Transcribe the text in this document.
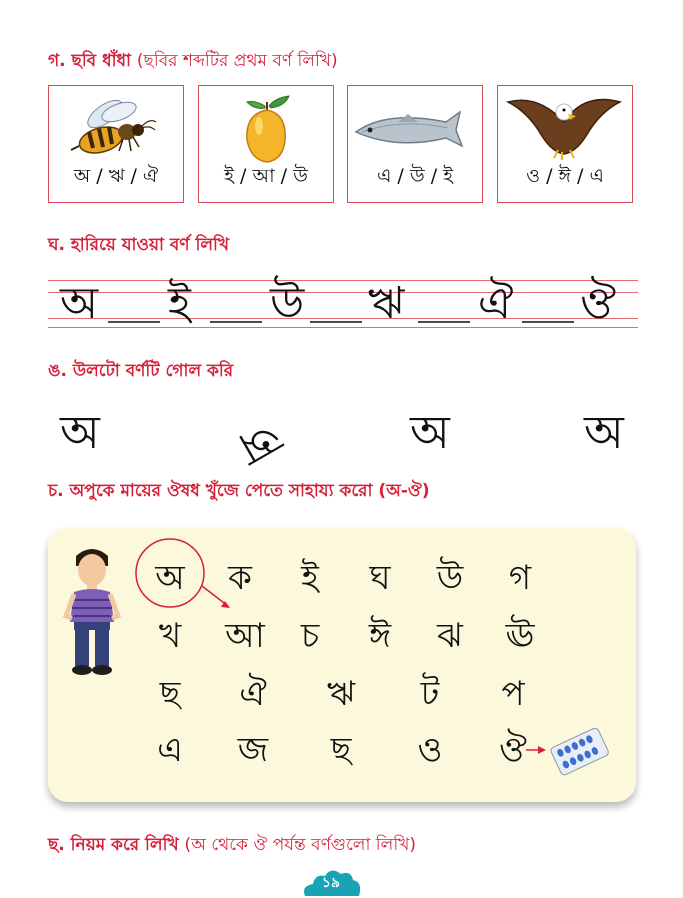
গ. ছবি ধাঁধা (ছবির শব্দটির প্রথম বর্ণ লিখি)
অ / ঋ / ঐ	ই / আ / উ	এ / উ / ই	ও / ঈ / এ
ঘ. হারিয়ে যাওয়া বর্ণ লিখি
অ ই উ ঋ ঐ ঔ
ঙ. উলটো বর্ণটি গোল করি
অ	অ	অ	অ
চ. অপুকে মায়ের ঔষধ খুঁজে পেতে সাহায্য করো (অ-ঔ)
অ	ক	ই	ঘ	উ	গ
খ	আ	চ	ঈ	ঝ	ঊ
ছ	ঐ	ঋ	ট	প
এ	জ	ছ	ও	ঔ
ছ. নিয়ম করে লিখি (অ থেকে ঔ পর্যন্ত বর্ণগুলো লিখি)
১৯
